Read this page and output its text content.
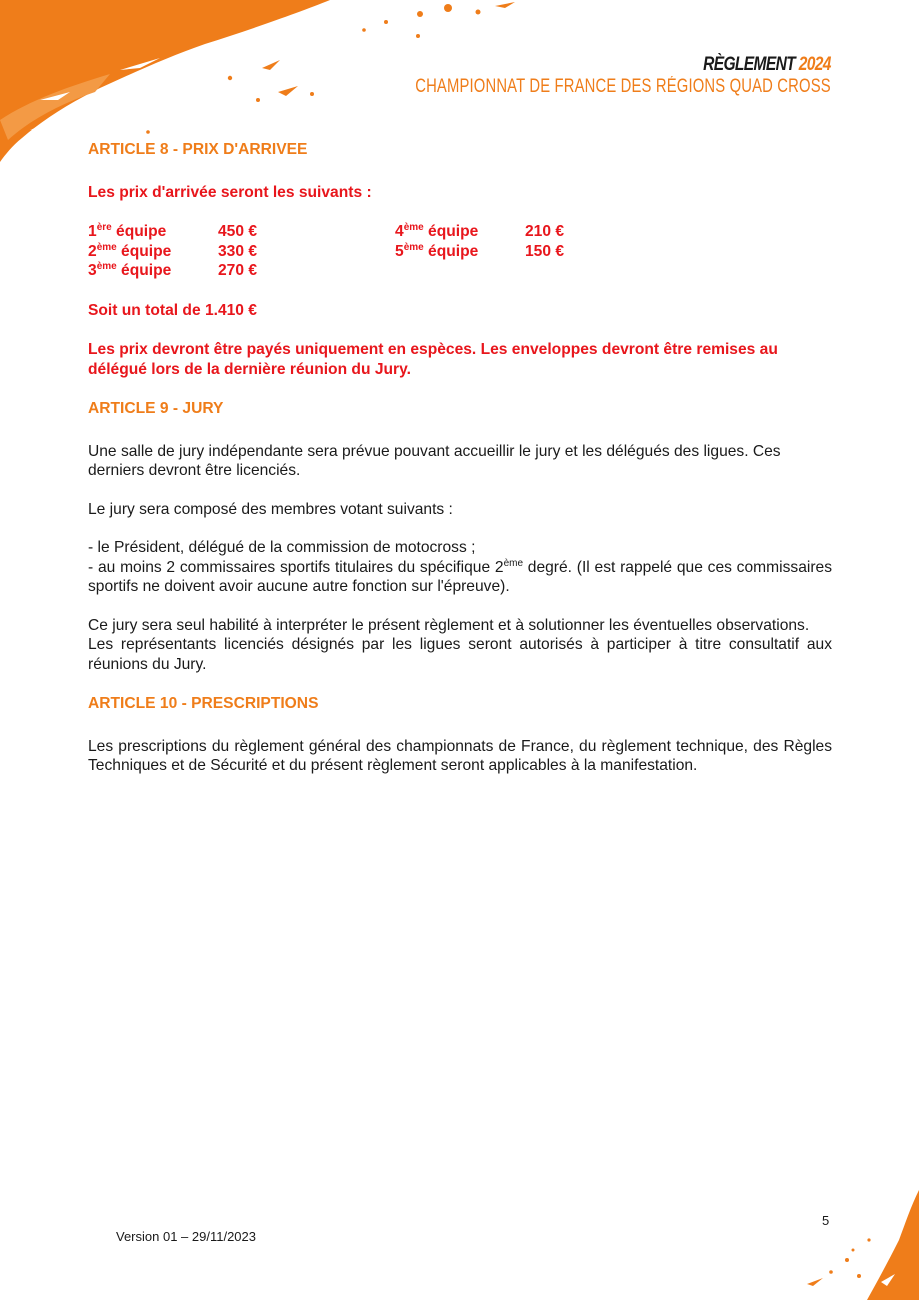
RÈGLEMENT 2024
CHAMPIONNAT DE FRANCE DES RÉGIONS QUAD CROSS
ARTICLE 8 - PRIX D'ARRIVEE

Les prix d'arrivée seront les suivants :

1ère équipe	450 €
2ème équipe	330 €
3ème équipe	270 €
4ème équipe	210 €
5ème équipe	150 €

Soit un total de 1.410 €

Les prix devront être payés uniquement en espèces. Les enveloppes devront être remises au délégué lors de la dernière réunion du Jury.

ARTICLE 9 - JURY

Une salle de jury indépendante sera prévue pouvant accueillir le jury et les délégués des ligues. Ces derniers devront être licenciés.

Le jury sera composé des membres votant suivants :

- le Président, délégué de la commission de motocross ;

- au moins 2 commissaires sportifs titulaires du spécifique 2ème degré. (Il est rappelé que ces commissaires sportifs ne doivent avoir aucune autre fonction sur l'épreuve).

Ce jury sera seul habilité à interpréter le présent règlement et à solutionner les éventuelles observations.

Les représentants licenciés désignés par les ligues seront autorisés à participer à titre consultatif aux réunions du Jury.

ARTICLE 10 - PRESCRIPTIONS

Les prescriptions du règlement général des championnats de France, du règlement technique, des Règles Techniques et de Sécurité et du présent règlement seront applicables à la manifestation.

Version 01 – 29/11/2023
5
